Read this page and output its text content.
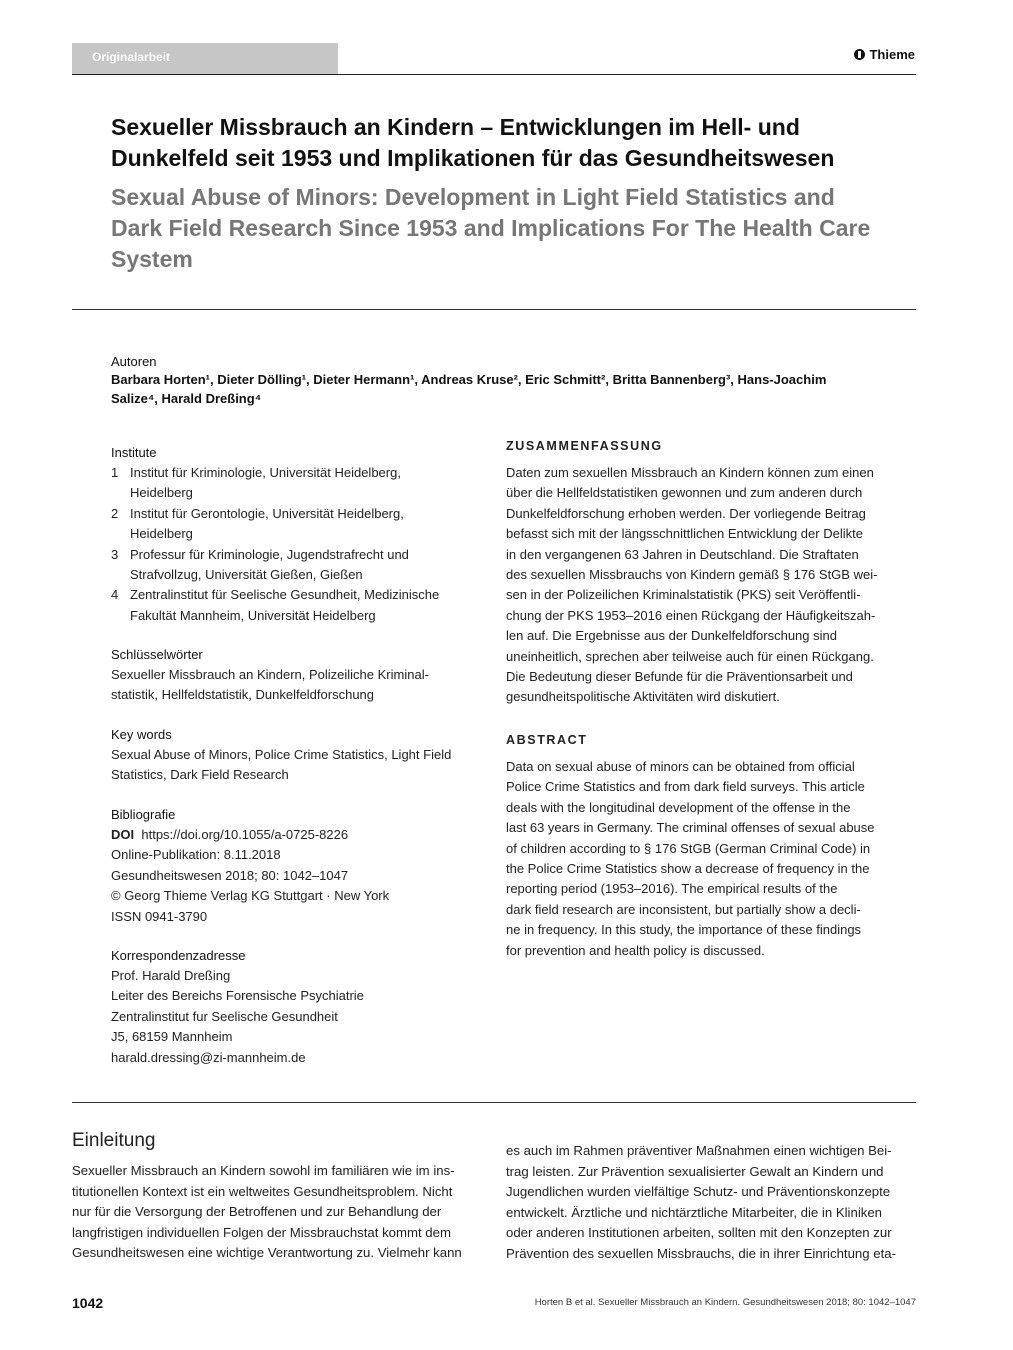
Originalarbeit	Thieme
Sexueller Missbrauch an Kindern – Entwicklungen im Hell- und Dunkelfeld seit 1953 und Implikationen für das Gesundheitswesen
Sexual Abuse of Minors: Development in Light Field Statistics and Dark Field Research Since 1953 and Implications For The Health Care System
Autoren
Barbara Horten¹, Dieter Dölling¹, Dieter Hermann¹, Andreas Kruse², Eric Schmitt², Britta Bannenberg³, Hans-Joachim
Salize⁴, Harald Dreßing⁴
Institute
1 Institut für Kriminologie, Universität Heidelberg,
Heidelberg
2 Institut für Gerontologie, Universität Heidelberg,
Heidelberg
3 Professur für Kriminologie, Jugendstrafrecht und
Strafvollzug, Universität Gießen, Gießen
4 Zentralinstitut für Seelische Gesundheit, Medizinische
Fakultät Mannheim, Universität Heidelberg
Schlüsselwörter
Sexueller Missbrauch an Kindern, Polizeiliche Kriminal-
statistik, Hellfeldstatistik, Dunkelfeldforschung
Key words
Sexual Abuse of Minors, Police Crime Statistics, Light Field
Statistics, Dark Field Research
Bibliografie
DOI https://doi.org/10.1055/a-0725-8226
Online-Publikation: 8.11.2018
Gesundheitswesen 2018; 80: 1042–1047
© Georg Thieme Verlag KG Stuttgart · New York
ISSN 0941-3790
Korrespondenzadresse
Prof. Harald Dreßing
Leiter des Bereichs Forensische Psychiatrie
Zentralinstitut fur Seelische Gesundheit
J5, 68159 Mannheim
harald.dressing@zi-mannheim.de
ZUSAMMENFASSUNG
Daten zum sexuellen Missbrauch an Kindern können zum einen
über die Hellfeldstatistiken gewonnen und zum anderen durch
Dunkelfeldforschung erhoben werden. Der vorliegende Beitrag
befasst sich mit der längsschnittlichen Entwicklung der Delikte
in den vergangenen 63 Jahren in Deutschland. Die Straftaten
des sexuellen Missbrauchs von Kindern gemäß § 176 StGB wei-
sen in der Polizeilichen Kriminalstatistik (PKS) seit Veröffentli-
chung der PKS 1953–2016 einen Rückgang der Häufigkeitszah-
len auf. Die Ergebnisse aus der Dunkelfeldforschung sind
uneinheitlich, sprechen aber teilweise auch für einen Rückgang.
Die Bedeutung dieser Befunde für die Präventionsarbeit und
gesundheitspolitische Aktivitäten wird diskutiert.
ABSTRACT
Data on sexual abuse of minors can be obtained from official
Police Crime Statistics and from dark field surveys. This article
deals with the longitudinal development of the offense in the
last 63 years in Germany. The criminal offenses of sexual abuse
of children according to § 176 StGB (German Criminal Code) in
the Police Crime Statistics show a decrease of frequency in the
reporting period (1953–2016). The empirical results of the
dark field research are inconsistent, but partially show a decli-
ne in frequency. In this study, the importance of these findings
for prevention and health policy is discussed.
Einleitung
Sexueller Missbrauch an Kindern sowohl im familiären wie im ins-
titutionellen Kontext ist ein weltweites Gesundheitsproblem. Nicht
nur für die Versorgung der Betroffenen und zur Behandlung der
langfristigen individuellen Folgen der Missbrauchstat kommt dem
Gesundheitswesen eine wichtige Verantwortung zu. Vielmehr kann
es auch im Rahmen präventiver Maßnahmen einen wichtigen Bei-
trag leisten. Zur Prävention sexualisierter Gewalt an Kindern und
Jugendlichen wurden vielfältige Schutz- und Präventionskonzepte
entwickelt. Ärztliche und nichtärztliche Mitarbeiter, die in Kliniken
oder anderen Institutionen arbeiten, sollten mit den Konzepten zur
Prävention des sexuellen Missbrauchs, die in ihrer Einrichtung eta-
1042	Horten B et al. Sexueller Missbrauch an Kindern. Gesundheitswesen 2018; 80: 1042–1047
